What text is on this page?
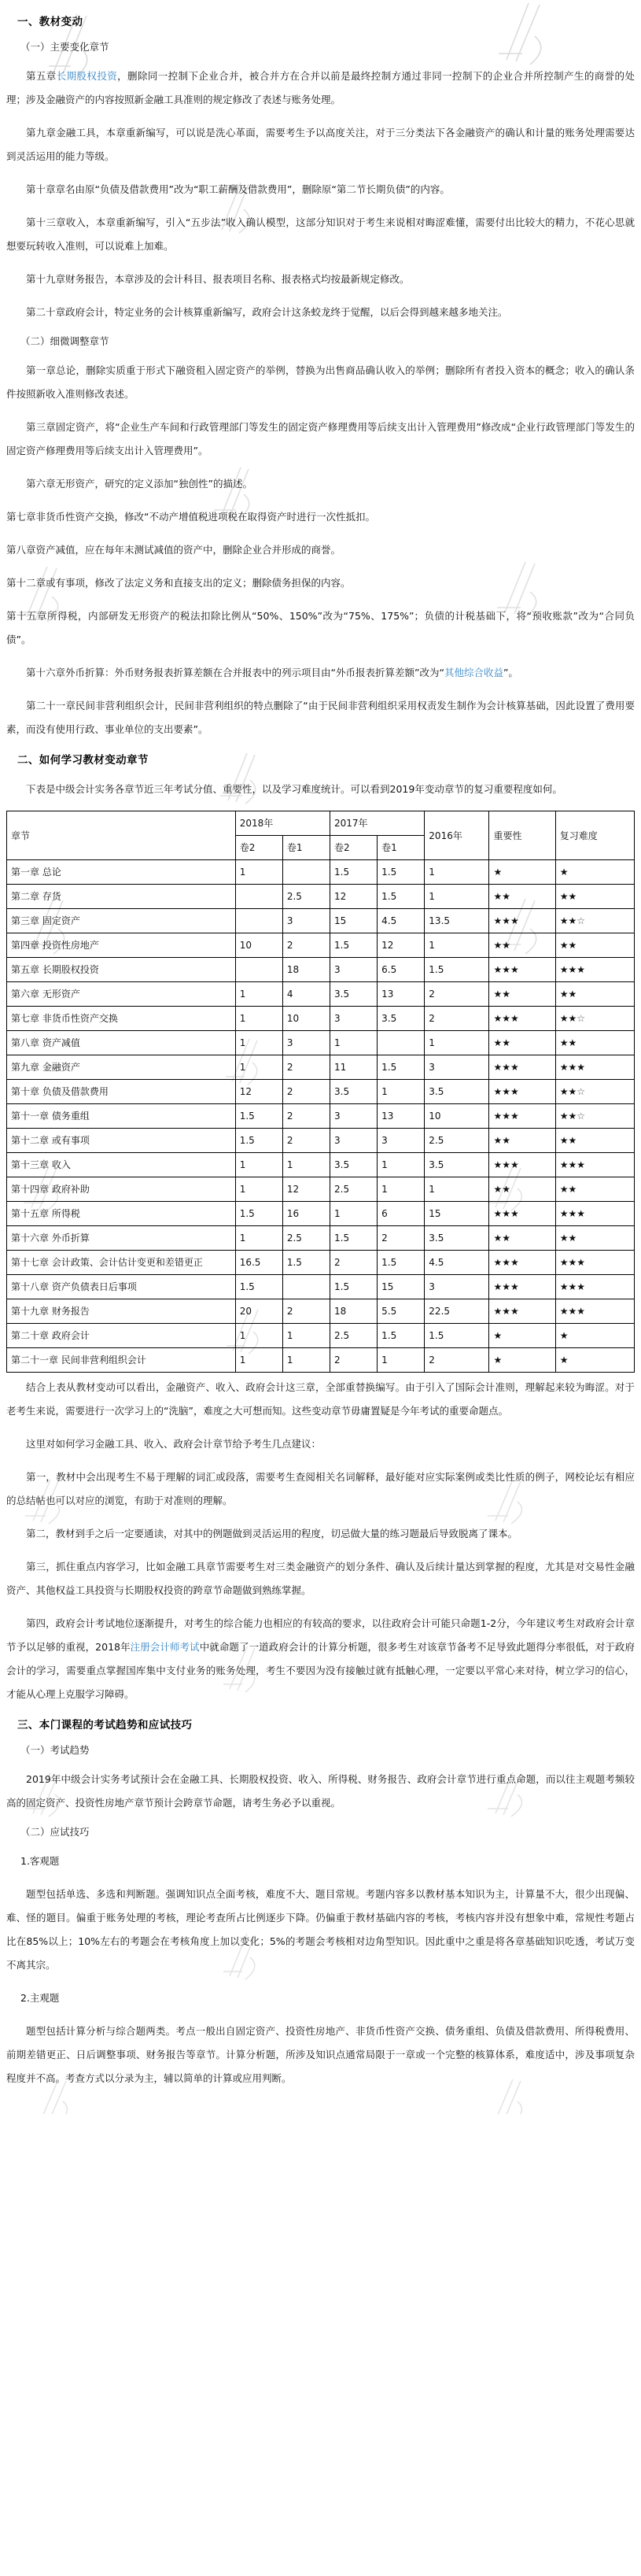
一、教材变动
（一）主要变化章节

第五章长期股权投资，删除同一控制下企业合并，被合并方在合并以前是最终控制方通过非同一控制下的企业合并所控制产生的商誉的处理；涉及金融资产的内容按照新金融工具准则的规定修改了表述与账务处理。

第九章金融工具，本章重新编写，可以说是洗心革面，需要考生予以高度关注，对于三分类法下各金融资产的确认和计量的账务处理需要达到灵活运用的能力等级。

第十章章名由原“负债及借款费用”改为“职工薪酬及借款费用”，删除原“第二节长期负债”的内容。

第十三章收入，本章重新编写，引入“五步法”收入确认模型，这部分知识对于考生来说相对晦涩难懂，需要付出比较大的精力，不花心思就想要玩转收入准则，可以说难上加难。

第十九章财务报告，本章涉及的会计科目、报表项目名称、报表格式均按最新规定修改。

第二十章政府会计，特定业务的会计核算重新编写，政府会计这条蛟龙终于觉醒，以后会得到越来越多地关注。

（二）细微调整章节

第一章总论，删除实质重于形式下融资租入固定资产的举例，替换为出售商品确认收入的举例；删除所有者投入资本的概念；收入的确认条件按照新收入准则修改表述。

第三章固定资产，将“企业生产车间和行政管理部门等发生的固定资产修理费用等后续支出计入管理费用”修改成“企业行政管理部门等发生的固定资产修理费用等后续支出计入管理费用”。

第六章无形资产，研究的定义添加“独创性”的描述。

第七章非货币性资产交换，修改“不动产增值税进项税在取得资产时进行一次性抵扣。

第八章资产减值，应在每年末测试减值的资产中，删除企业合并形成的商誉。

第十二章或有事项，修改了法定义务和直接支出的定义；删除债务担保的内容。

第十五章所得税，内部研发无形资产的税法扣除比例从“50%、150%”改为“75%、175%”；负债的计税基础下，将“预收账款”改为“合同负债”。

第十六章外币折算：外币财务报表折算差额在合并报表中的列示项目由“外币报表折算差额”改为“其他综合收益”。

第二十一章民间非营利组织会计，民间非营利组织的特点删除了“由于民间非营利组织采用权责发生制作为会计核算基础，因此设置了费用要素，而没有使用行政、事业单位的支出要素”。

二、如何学习教材变动章节

下表是中级会计实务各章节近三年考试分值、重要性，以及学习难度统计。可以看到2019年变动章节的复习重要程度如何。

章节	2018年		2017年		2016年	重要性	复习难度
	卷2	卷1	卷2	卷1			
第一章 总论	1		1.5	1.5	1	★	★
第二章 存货		2.5	12	1.5	1	★★	★★
第三章 固定资产		3	15	4.5	13.5	★★★	★★☆
第四章 投资性房地产	10	2	1.5	12	1	★★	★★
第五章 长期股权投资		18	3	6.5	1.5	★★★	★★★
第六章 无形资产	1	4	3.5	13	2	★★	★★
第七章 非货币性资产交换	1	10	3	3.5	2	★★★	★★☆
第八章 资产减值	1	3	1		1	★★	★★
第九章 金融资产	1	2	11	1.5	3	★★★	★★★
第十章 负债及借款费用	12	2	3.5	1	3.5	★★★	★★☆
第十一章 债务重组	1.5	2	3	13	10	★★★	★★☆
第十二章 或有事项	1.5	2	3	3	2.5	★★	★★
第十三章 收入	1	1	3.5	1	3.5	★★★	★★★
第十四章 政府补助	1	12	2.5	1	1	★★	★★
第十五章 所得税	1.5	16	1	6	15	★★★	★★★
第十六章 外币折算	1	2.5	1.5	2	3.5	★★	★★
第十七章 会计政策、会计估计变更和差错更正	16.5	1.5	2	1.5	4.5	★★★	★★★
第十八章 资产负债表日后事项	1.5		1.5	15	3	★★★	★★★
第十九章 财务报告	20	2	18	5.5	22.5	★★★	★★★
第二十章 政府会计	1	1	2.5	1.5	1.5	★	★
第二十一章 民间非营利组织会计	1	1	2	1	2	★	★

结合上表从教材变动可以看出，金融资产、收入、政府会计这三章，全部重替换编写。由于引入了国际会计准则，理解起来较为晦涩。对于老考生来说，需要进行一次学习上的“洗脑”，难度之大可想而知。这些变动章节毋庸置疑是今年考试的重要命题点。

这里对如何学习金融工具、收入、政府会计章节给予考生几点建议：

第一，教材中会出现考生不易于理解的词汇或段落，需要考生查阅相关名词解释，最好能对应实际案例或类比性质的例子，网校论坛有相应的总结帖也可以对应的浏览，有助于对准则的理解。

第二，教材到手之后一定要通读，对其中的例题做到灵活运用的程度，切忌做大量的练习题最后导致脱离了课本。

第三，抓住重点内容学习，比如金融工具章节需要考生对三类金融资产的划分条件、确认及后续计量达到掌握的程度，尤其是对交易性金融资产、其他权益工具投资与长期股权投资的跨章节命题做到熟练掌握。

第四，政府会计考试地位逐渐提升，对考生的综合能力也相应的有较高的要求，以往政府会计可能只命题1-2分，今年建议考生对政府会计章节予以足够的重视，2018年注册会计师考试中就命题了一道政府会计的计算分析题，很多考生对该章节备考不足导致此题得分率很低，对于政府会计的学习，需要重点掌握国库集中支付业务的账务处理，考生不要因为没有接触过就有抵触心理，一定要以平常心来对待，树立学习的信心，才能从心理上克服学习障碍。

三、本门课程的考试趋势和应试技巧
（一）考试趋势

2019年中级会计实务考试预计会在金融工具、长期股权投资、收入、所得税、财务报告、政府会计章节进行重点命题，而以往主观题考频较高的固定资产、投资性房地产章节预计会跨章节命题，请考生务必予以重视。

（二）应试技巧
1.客观题

题型包括单选、多选和判断题。强调知识点全面考核，难度不大、题目常规。考题内容多以教材基本知识为主，计算量不大，很少出现偏、难、怪的题目。偏重于账务处理的考核，理论考查所占比例逐步下降。仍偏重于教材基础内容的考核，考核内容并没有想象中难，常规性考题占比在85%以上；10%左右的考题会在考核角度上加以变化；5%的考题会考核相对边角型知识。因此重中之重是将各章基础知识吃透，考试万变不离其宗。

2.主观题

题型包括计算分析与综合题两类。考点一般出自固定资产、投资性房地产、非货币性资产交换、债务重组、负债及借款费用、所得税费用、前期差错更正、日后调整事项、财务报告等章节。计算分析题，所涉及知识点通常局限于一章或一个完整的核算体系，难度适中，涉及事项复杂程度并不高。考查方式以分录为主，辅以简单的计算或应用判断。
